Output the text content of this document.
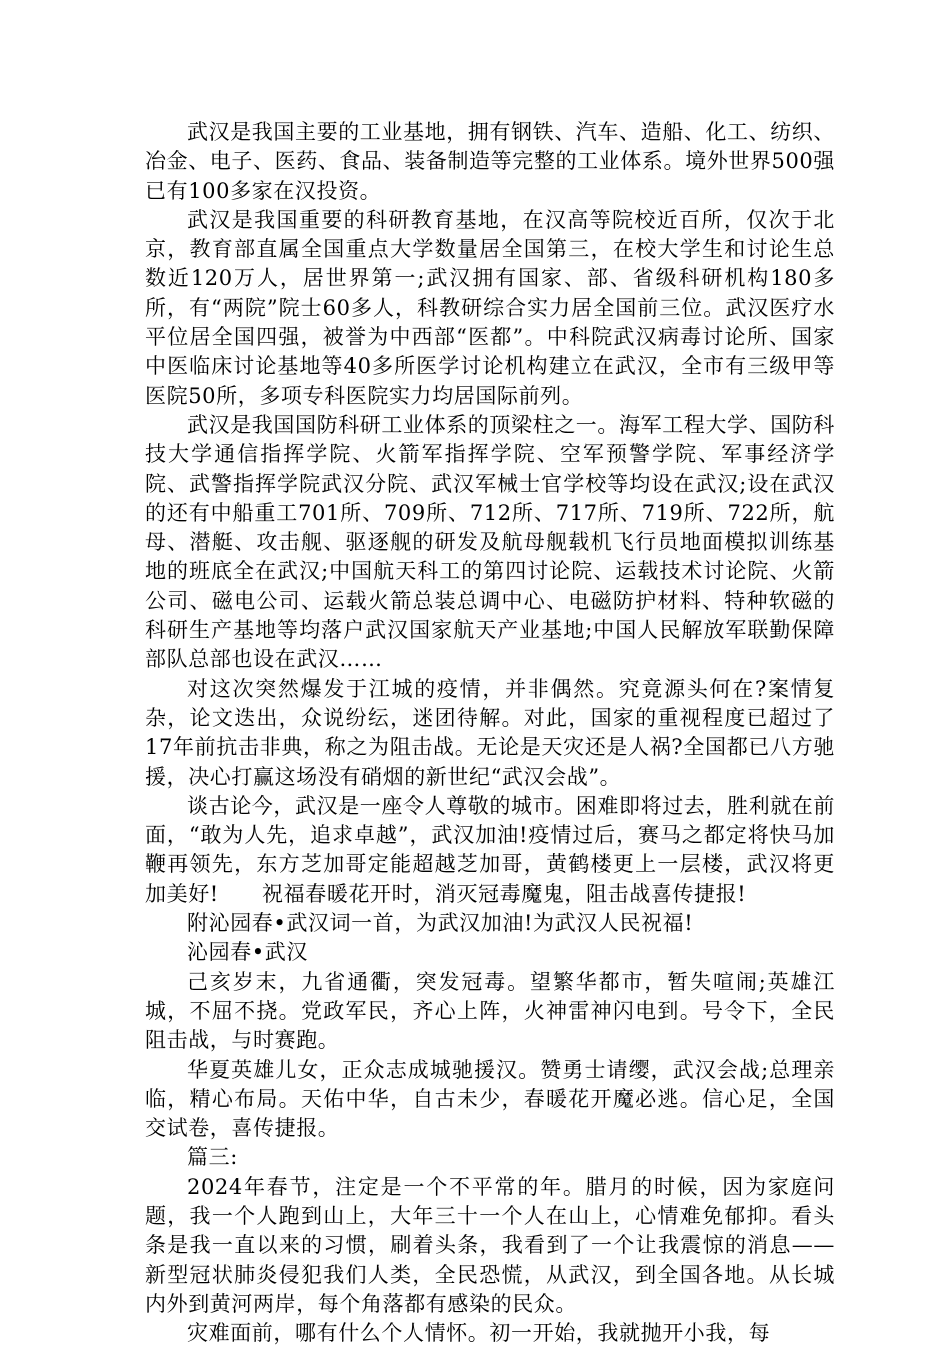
武汉是我国主要的工业基地，拥有钢铁、汽车、造船、化工、纺织、冶金、电子、医药、食品、装备制造等完整的工业体系。境外世界500强已有100多家在汉投资。

武汉是我国重要的科研教育基地，在汉高等院校近百所，仅次于北京，教育部直属全国重点大学数量居全国第三，在校大学生和讨论生总数近120万人，居世界第一;武汉拥有国家、部、省级科研机构180多所，有“两院”院士60多人，科教研综合实力居全国前三位。武汉医疗水平位居全国四强，被誉为中西部“医都”。中科院武汉病毒讨论所、国家中医临床讨论基地等40多所医学讨论机构建立在武汉，全市有三级甲等医院50所，多项专科医院实力均居国际前列。

武汉是我国国防科研工业体系的顶梁柱之一。海军工程大学、国防科技大学通信指挥学院、火箭军指挥学院、空军预警学院、军事经济学院、武警指挥学院武汉分院、武汉军械士官学校等均设在武汉;设在武汉的还有中船重工701所、709所、712所、717所、719所、722所，航母、潜艇、攻击舰、驱逐舰的研发及航母舰载机飞行员地面模拟训练基地的班底全在武汉;中国航天科工的第四讨论院、运载技术讨论院、火箭公司、磁电公司、运载火箭总装总调中心、电磁防护材料、特种软磁的科研生产基地等均落户武汉国家航天产业基地;中国人民解放军联勤保障部队总部也设在武汉……

对这次突然爆发于江城的疫情，并非偶然。究竟源头何在?案情复杂，论文迭出，众说纷纭，迷团待解。对此，国家的重视程度已超过了17年前抗击非典，称之为阻击战。无论是天灾还是人祸?全国都已八方驰援，决心打赢这场没有硝烟的新世纪“武汉会战”。

谈古论今，武汉是一座令人尊敬的城市。困难即将过去，胜利就在前面，“敢为人先，追求卓越”，武汉加油!疫情过后，赛马之都定将快马加鞭再领先，东方芝加哥定能超越芝加哥，黄鹤楼更上一层楼，武汉将更加美好!　　祝福春暖花开时，消灭冠毒魔鬼，阻击战喜传捷报!

附沁园春•武汉词一首，为武汉加油!为武汉人民祝福!

沁园春•武汉

己亥岁末，九省通衢，突发冠毒。望繁华都市，暂失喧闹;英雄江城，不屈不挠。党政军民，齐心上阵，火神雷神闪电到。号令下，全民阻击战，与时赛跑。

华夏英雄儿女，正众志成城驰援汉。赞勇士请缨，武汉会战;总理亲临，精心布局。天佑中华，自古未少，春暖花开魔必逃。信心足，全国交试卷，喜传捷报。

篇三:

2024年春节，注定是一个不平常的年。腊月的时候，因为家庭问题，我一个人跑到山上，大年三十一个人在山上，心情难免郁抑。看头条是我一直以来的习惯，刷着头条，我看到了一个让我震惊的消息——新型冠状肺炎侵犯我们人类，全民恐慌，从武汉，到全国各地。从长城内外到黄河两岸，每个角落都有感染的民众。

灾难面前，哪有什么个人情怀。初一开始，我就抛开小我，每
